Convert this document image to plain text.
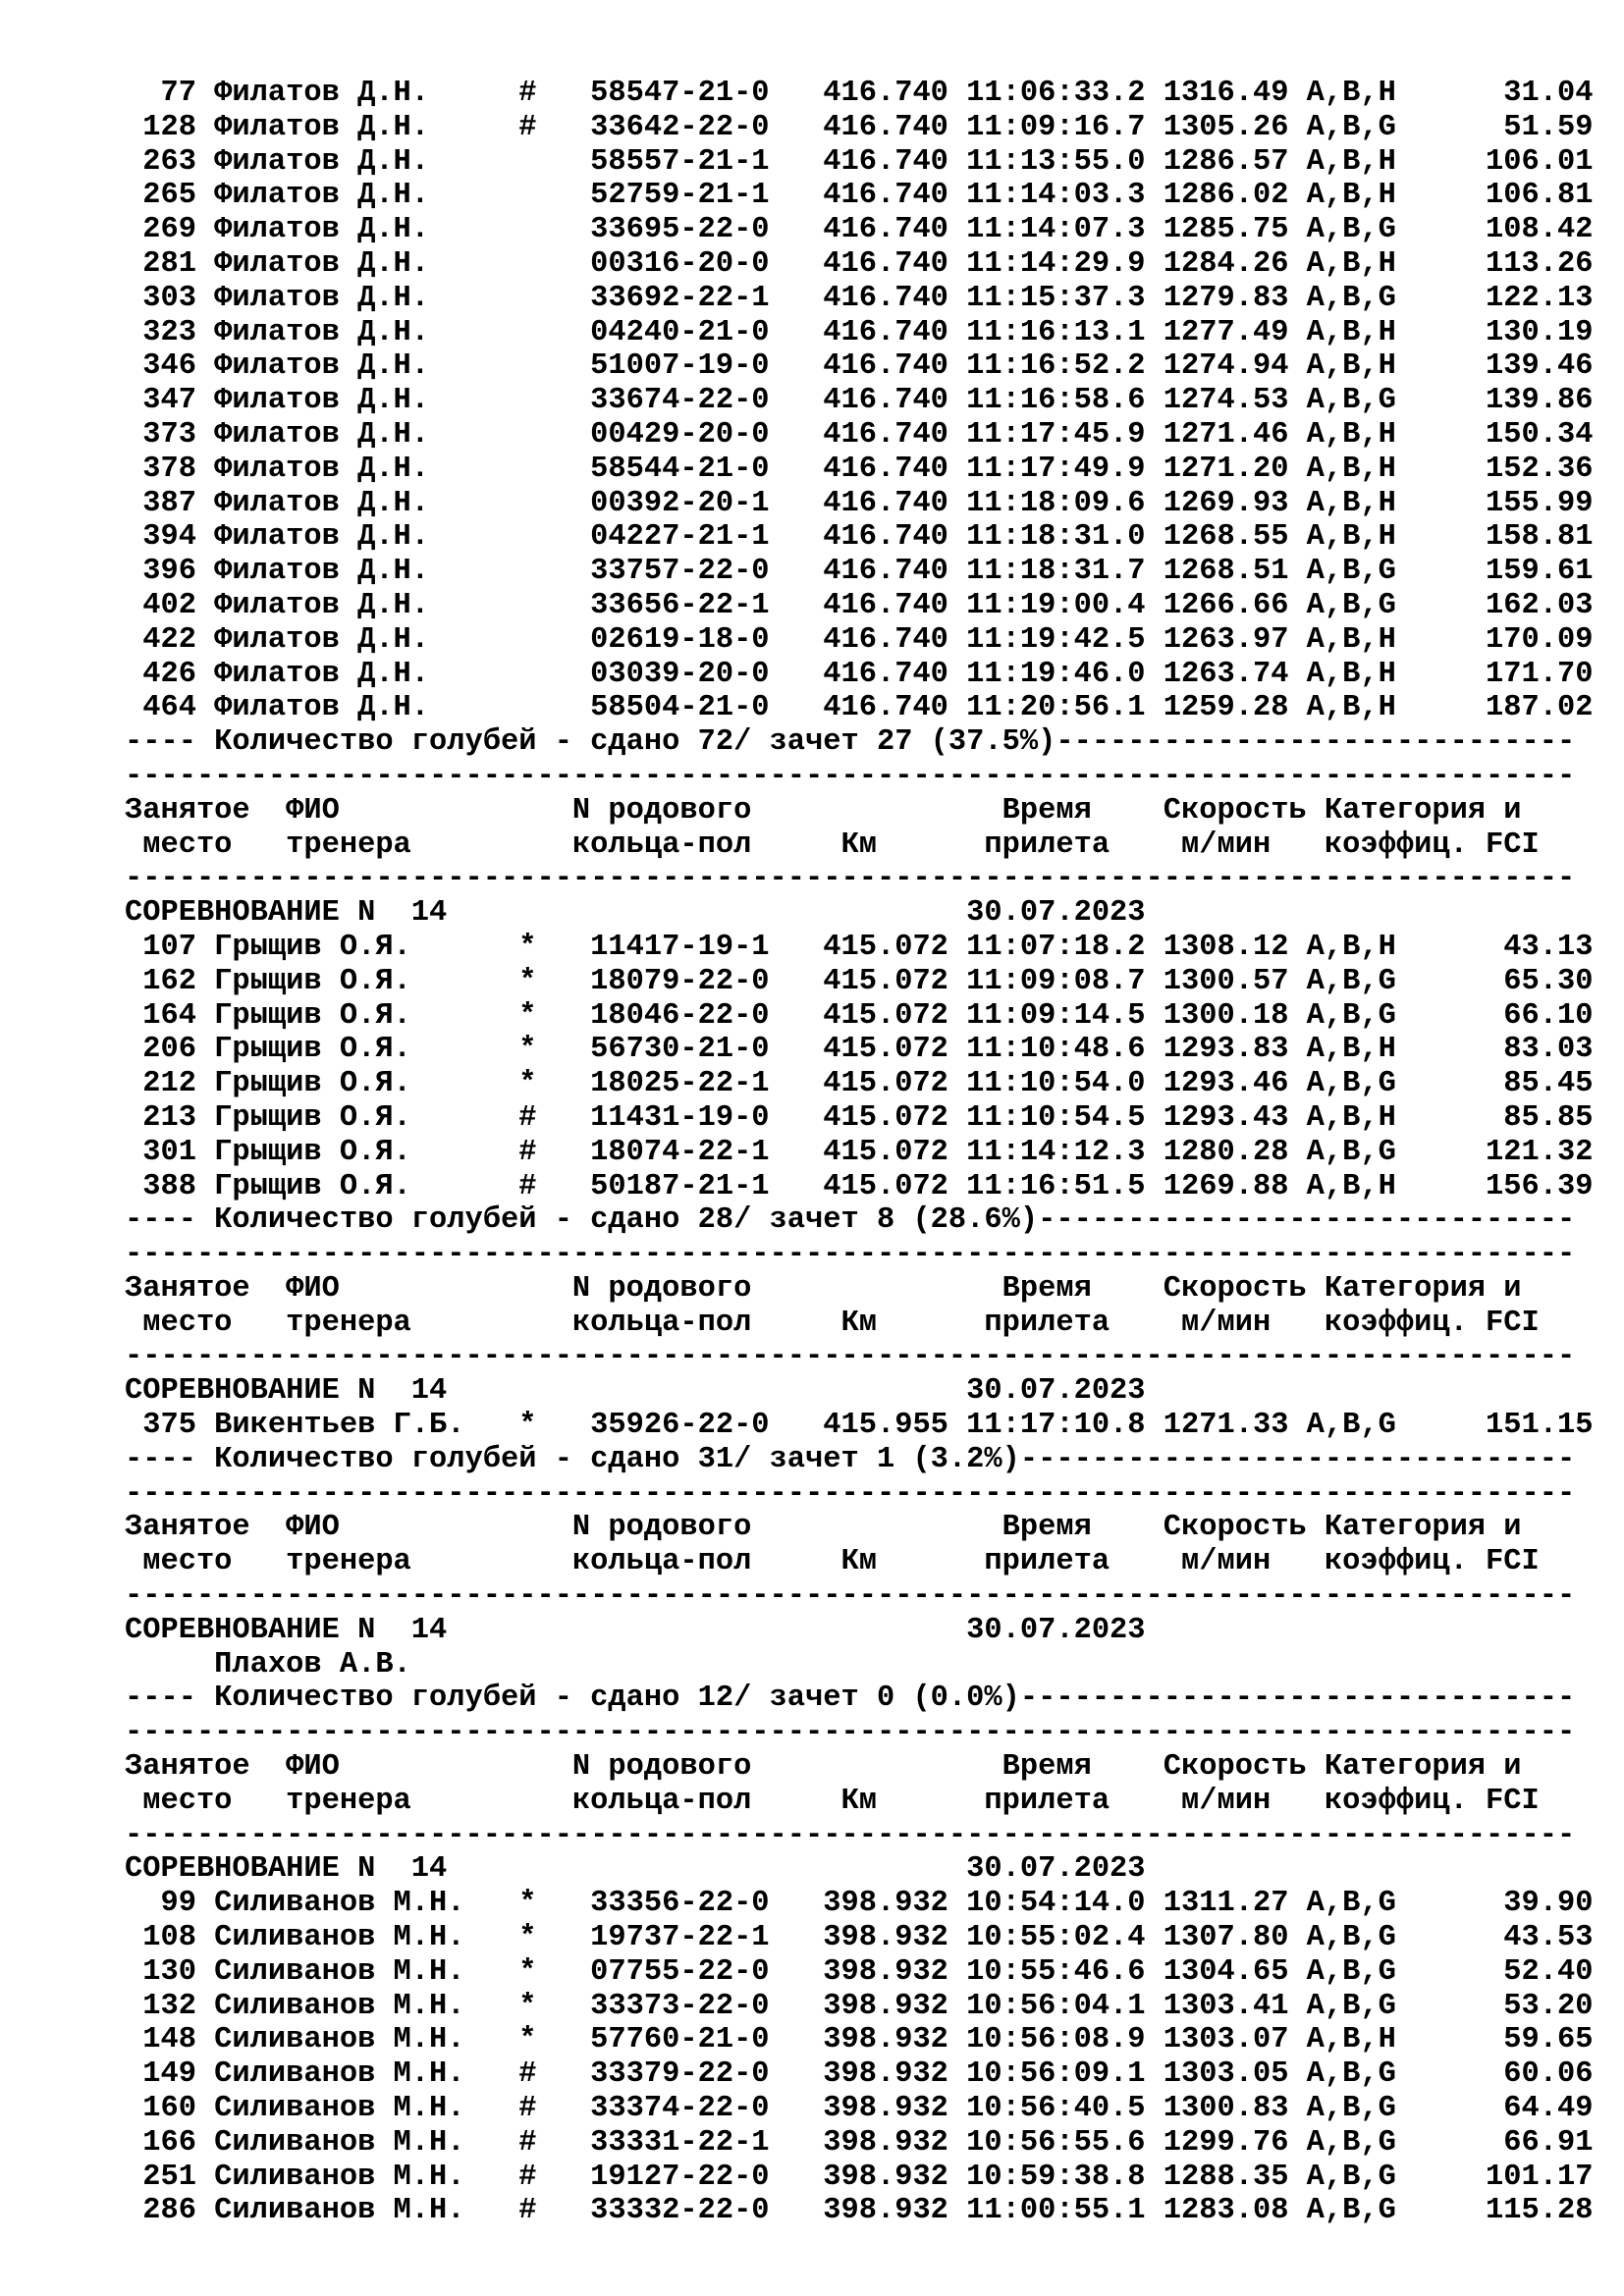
77 Филатов Д.Н.     #   58547-21-0   416.740 11:06:33.2 1316.49 A,B,H      31.04
128 Филатов Д.Н.     #   33642-22-0   416.740 11:09:16.7 1305.26 A,B,G      51.59
263 Филатов Д.Н.         58557-21-1   416.740 11:13:55.0 1286.57 A,B,H     106.01
265 Филатов Д.Н.         52759-21-1   416.740 11:14:03.3 1286.02 A,B,H     106.81
269 Филатов Д.Н.         33695-22-0   416.740 11:14:07.3 1285.75 A,B,G     108.42
281 Филатов Д.Н.         00316-20-0   416.740 11:14:29.9 1284.26 A,B,H     113.26
303 Филатов Д.Н.         33692-22-1   416.740 11:15:37.3 1279.83 A,B,G     122.13
323 Филатов Д.Н.         04240-21-0   416.740 11:16:13.1 1277.49 A,B,H     130.19
346 Филатов Д.Н.         51007-19-0   416.740 11:16:52.2 1274.94 A,B,H     139.46
347 Филатов Д.Н.         33674-22-0   416.740 11:16:58.6 1274.53 A,B,G     139.86
373 Филатов Д.Н.         00429-20-0   416.740 11:17:45.9 1271.46 A,B,H     150.34
378 Филатов Д.Н.         58544-21-0   416.740 11:17:49.9 1271.20 A,B,H     152.36
387 Филатов Д.Н.         00392-20-1   416.740 11:18:09.6 1269.93 A,B,H     155.99
394 Филатов Д.Н.         04227-21-1   416.740 11:18:31.0 1268.55 A,B,H     158.81
396 Филатов Д.Н.         33757-22-0   416.740 11:18:31.7 1268.51 A,B,G     159.61
402 Филатов Д.Н.         33656-22-1   416.740 11:19:00.4 1266.66 A,B,G     162.03
422 Филатов Д.Н.         02619-18-0   416.740 11:19:42.5 1263.97 A,B,H     170.09
426 Филатов Д.Н.         03039-20-0   416.740 11:19:46.0 1263.74 A,B,H     171.70
464 Филатов Д.Н.         58504-21-0   416.740 11:20:56.1 1259.28 A,B,H     187.02
---- Количество голубей - сдано 72/ зачет 27 (37.5%)-----------------------------
---------------------------------------------------------------------------------
Занятое  ФИО             N родового              Время    Скорость Категория и
место   тренера         кольца-пол     Км      прилета    м/мин   коэффиц. FCI
---------------------------------------------------------------------------------
СОРЕВНОВАНИЕ N  14                             30.07.2023
107 Грыщив О.Я.      *   11417-19-1   415.072 11:07:18.2 1308.12 A,B,H      43.13
162 Грыщив О.Я.      *   18079-22-0   415.072 11:09:08.7 1300.57 A,B,G      65.30
164 Грыщив О.Я.      *   18046-22-0   415.072 11:09:14.5 1300.18 A,B,G      66.10
206 Грыщив О.Я.      *   56730-21-0   415.072 11:10:48.6 1293.83 A,B,H      83.03
212 Грыщив О.Я.      *   18025-22-1   415.072 11:10:54.0 1293.46 A,B,G      85.45
213 Грыщив О.Я.      #   11431-19-0   415.072 11:10:54.5 1293.43 A,B,H      85.85
301 Грыщив О.Я.      #   18074-22-1   415.072 11:14:12.3 1280.28 A,B,G     121.32
388 Грыщив О.Я.      #   50187-21-1   415.072 11:16:51.5 1269.88 A,B,H     156.39
---- Количество голубей - сдано 28/ зачет 8 (28.6%)------------------------------
---------------------------------------------------------------------------------
Занятое  ФИО             N родового              Время    Скорость Категория и
место   тренера         кольца-пол     Км      прилета    м/мин   коэффиц. FCI
---------------------------------------------------------------------------------
СОРЕВНОВАНИЕ N  14                             30.07.2023
375 Викентьев Г.Б.   *   35926-22-0   415.955 11:17:10.8 1271.33 A,B,G     151.15
---- Количество голубей - сдано 31/ зачет 1 (3.2%)-------------------------------
---------------------------------------------------------------------------------
Занятое  ФИО             N родового              Время    Скорость Категория и
место   тренера         кольца-пол     Км      прилета    м/мин   коэффиц. FCI
---------------------------------------------------------------------------------
СОРЕВНОВАНИЕ N  14                             30.07.2023
Плахов А.В.
---- Количество голубей - сдано 12/ зачет 0 (0.0%)-------------------------------
---------------------------------------------------------------------------------
Занятое  ФИО             N родового              Время    Скорость Категория и
место   тренера         кольца-пол     Км      прилета    м/мин   коэффиц. FCI
---------------------------------------------------------------------------------
СОРЕВНОВАНИЕ N  14                             30.07.2023
99 Силиванов М.Н.   *   33356-22-0   398.932 10:54:14.0 1311.27 A,B,G      39.90
108 Силиванов М.Н.   *   19737-22-1   398.932 10:55:02.4 1307.80 A,B,G      43.53
130 Силиванов М.Н.   *   07755-22-0   398.932 10:55:46.6 1304.65 A,B,G      52.40
132 Силиванов М.Н.   *   33373-22-0   398.932 10:56:04.1 1303.41 A,B,G      53.20
148 Силиванов М.Н.   *   57760-21-0   398.932 10:56:08.9 1303.07 A,B,H      59.65
149 Силиванов М.Н.   #   33379-22-0   398.932 10:56:09.1 1303.05 A,B,G      60.06
160 Силиванов М.Н.   #   33374-22-0   398.932 10:56:40.5 1300.83 A,B,G      64.49
166 Силиванов М.Н.   #   33331-22-1   398.932 10:56:55.6 1299.76 A,B,G      66.91
251 Силиванов М.Н.   #   19127-22-0   398.932 10:59:38.8 1288.35 A,B,G     101.17
286 Силиванов М.Н.   #   33332-22-0   398.932 11:00:55.1 1283.08 A,B,G     115.28
